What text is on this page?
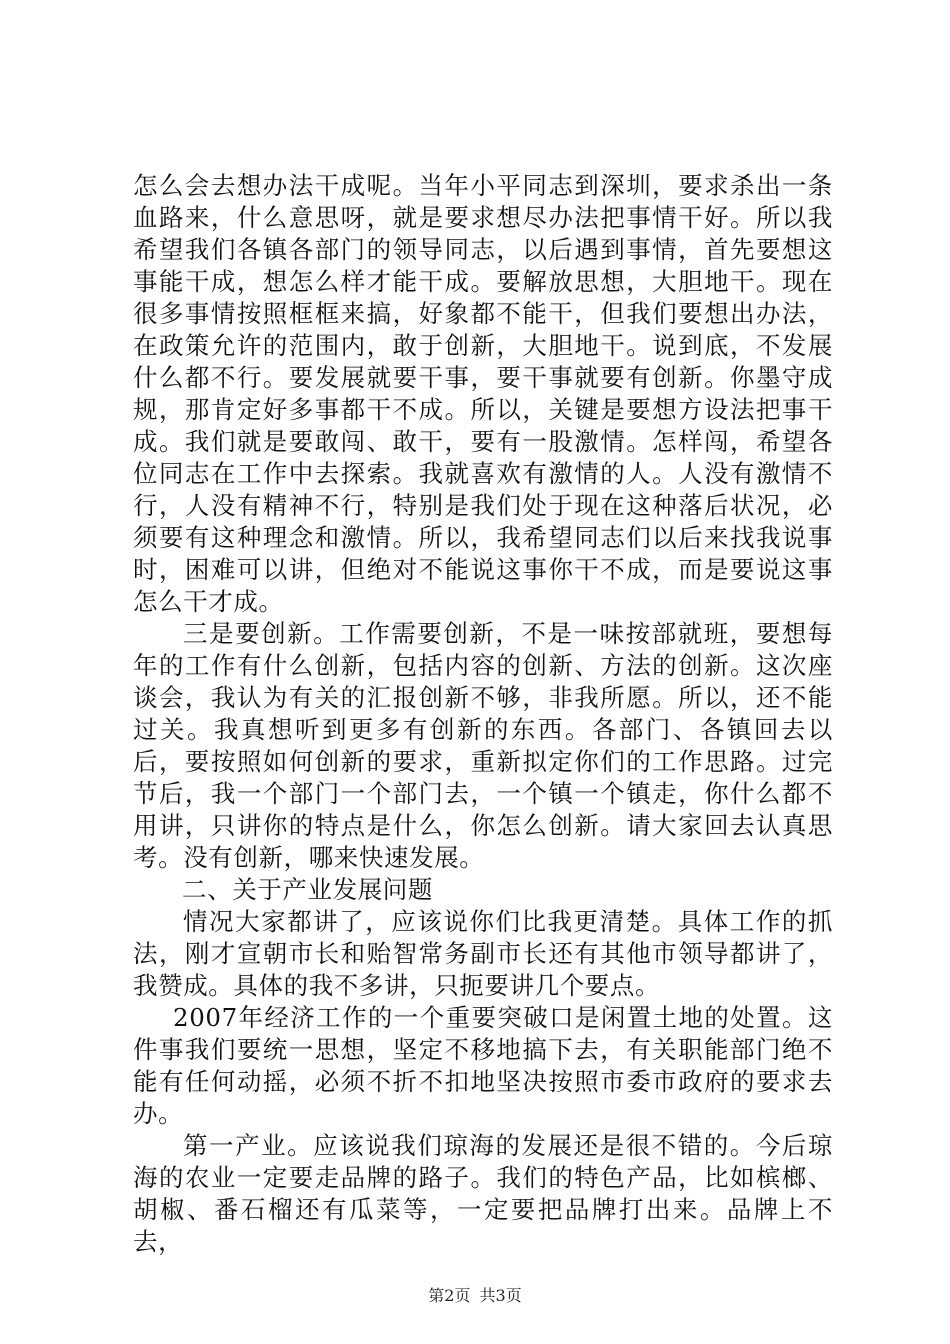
怎么会去想办法干成呢。当年小平同志到深圳，要求杀出一条血路来，什么意思呀，就是要求想尽办法把事情干好。所以我希望我们各镇各部门的领导同志，以后遇到事情，首先要想这事能干成，想怎么样才能干成。要解放思想，大胆地干。现在很多事情按照框框来搞，好象都不能干，但我们要想出办法，在政策允许的范围内，敢于创新，大胆地干。说到底，不发展什么都不行。要发展就要干事，要干事就要有创新。你墨守成规，那肯定好多事都干不成。所以，关键是要想方设法把事干成。我们就是要敢闯、敢干，要有一股激情。怎样闯，希望各位同志在工作中去探索。我就喜欢有激情的人。人没有激情不行，人没有精神不行，特别是我们处于现在这种落后状况，必须要有这种理念和激情。所以，我希望同志们以后来找我说事时，困难可以讲，但绝对不能说这事你干不成，而是要说这事怎么干才成。

三是要创新。工作需要创新，不是一味按部就班，要想每年的工作有什么创新，包括内容的创新、方法的创新。这次座谈会，我认为有关的汇报创新不够，非我所愿。所以，还不能过关。我真想听到更多有创新的东西。各部门、各镇回去以后，要按照如何创新的要求，重新拟定你们的工作思路。过完节后，我一个部门一个部门去，一个镇一个镇走，你什么都不用讲，只讲你的特点是什么，你怎么创新。请大家回去认真思考。没有创新，哪来快速发展。

二、关于产业发展问题

情况大家都讲了，应该说你们比我更清楚。具体工作的抓法，刚才宣朝市长和贻智常务副市长还有其他市领导都讲了，我赞成。具体的我不多讲，只扼要讲几个要点。

2007年经济工作的一个重要突破口是闲置土地的处置。这件事我们要统一思想，坚定不移地搞下去，有关职能部门绝不能有任何动摇，必须不折不扣地坚决按照市委市政府的要求去办。

第一产业。应该说我们琼海的发展还是很不错的。今后琼海的农业一定要走品牌的路子。我们的特色产品，比如槟榔、胡椒、番石榴还有瓜菜等，一定要把品牌打出来。品牌上不去，

第2页 共3页
